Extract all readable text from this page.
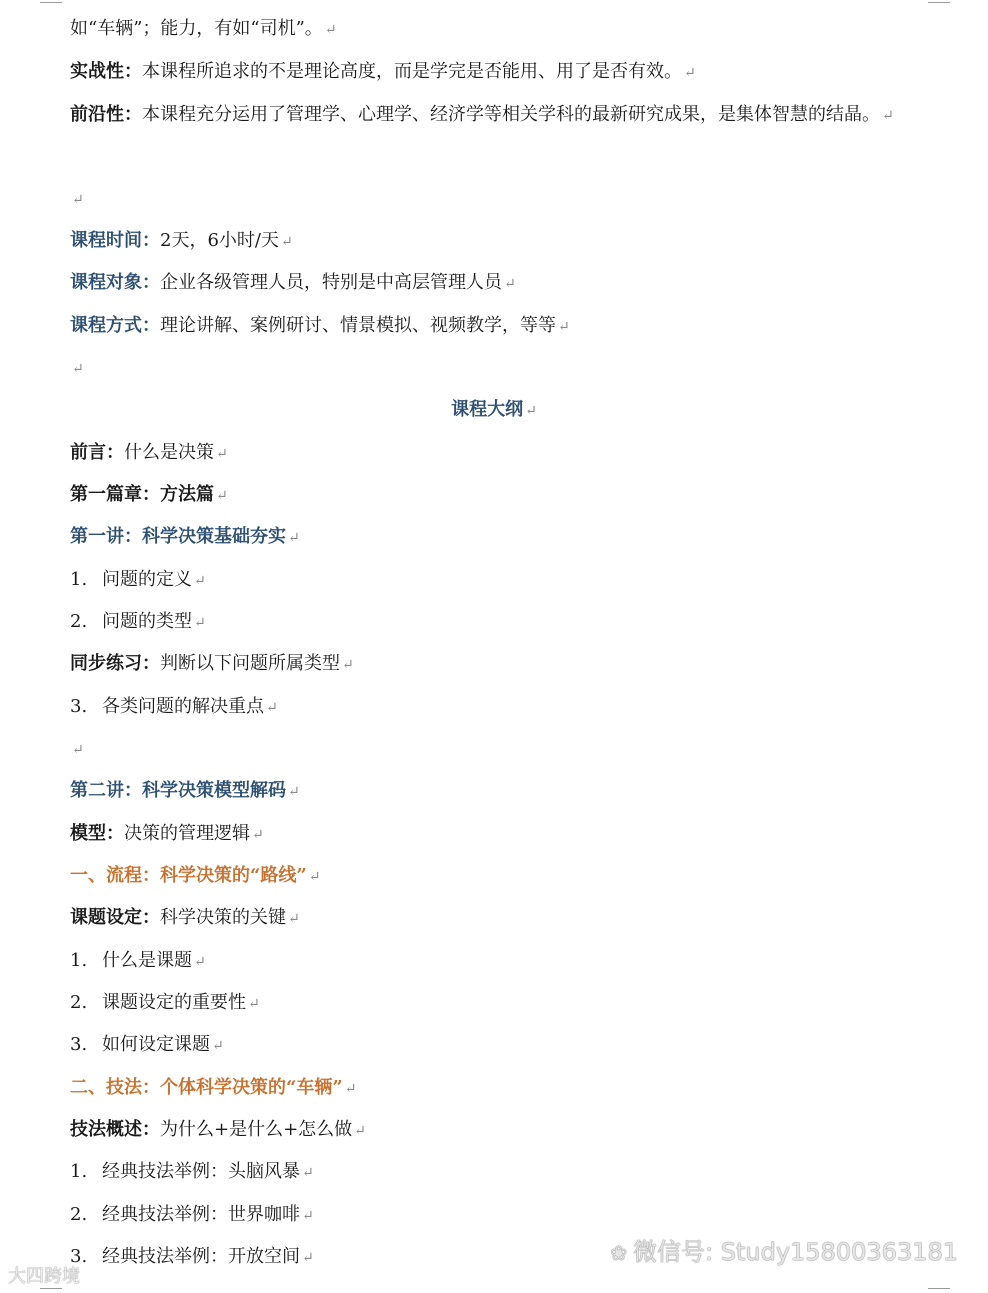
如“车辆”；能力，有如“司机”。 ↵
实战性：本课程所追求的不是理论高度，而是学完是否能用、用了是否有效。 ↵
前沿性：本课程充分运用了管理学、心理学、经济学等相关学科的最新研究成果，是集体智慧的结晶。 ↵
↵
课程时间：2天，6小时/天 ↵
课程对象：企业各级管理人员，特别是中高层管理人员 ↵
课程方式：理论讲解、案例研讨、情景模拟、视频教学，等等 ↵
↵
课程大纲 ↵
前言：什么是决策 ↵
第一篇章：方法篇 ↵
第一讲：科学决策基础夯实 ↵
1. 问题的定义 ↵
2. 问题的类型 ↵
同步练习：判断以下问题所属类型 ↵
3. 各类问题的解决重点 ↵
↵
第二讲：科学决策模型解码 ↵
模型：决策的管理逻辑 ↵
一、流程：科学决策的“路线” ↵
课题设定：科学决策的关键 ↵
1. 什么是课题 ↵
2. 课题设定的重要性 ↵
3. 如何设定课题 ↵
二、技法：个体科学决策的“车辆” ↵
技法概述：为什么+是什么+怎么做 ↵
1. 经典技法举例：头脑风暴 ↵
2. 经典技法举例：世界咖啡 ↵
3. 经典技法举例：开放空间 ↵	❀ 微信号: Study15800363181
大四跨境
